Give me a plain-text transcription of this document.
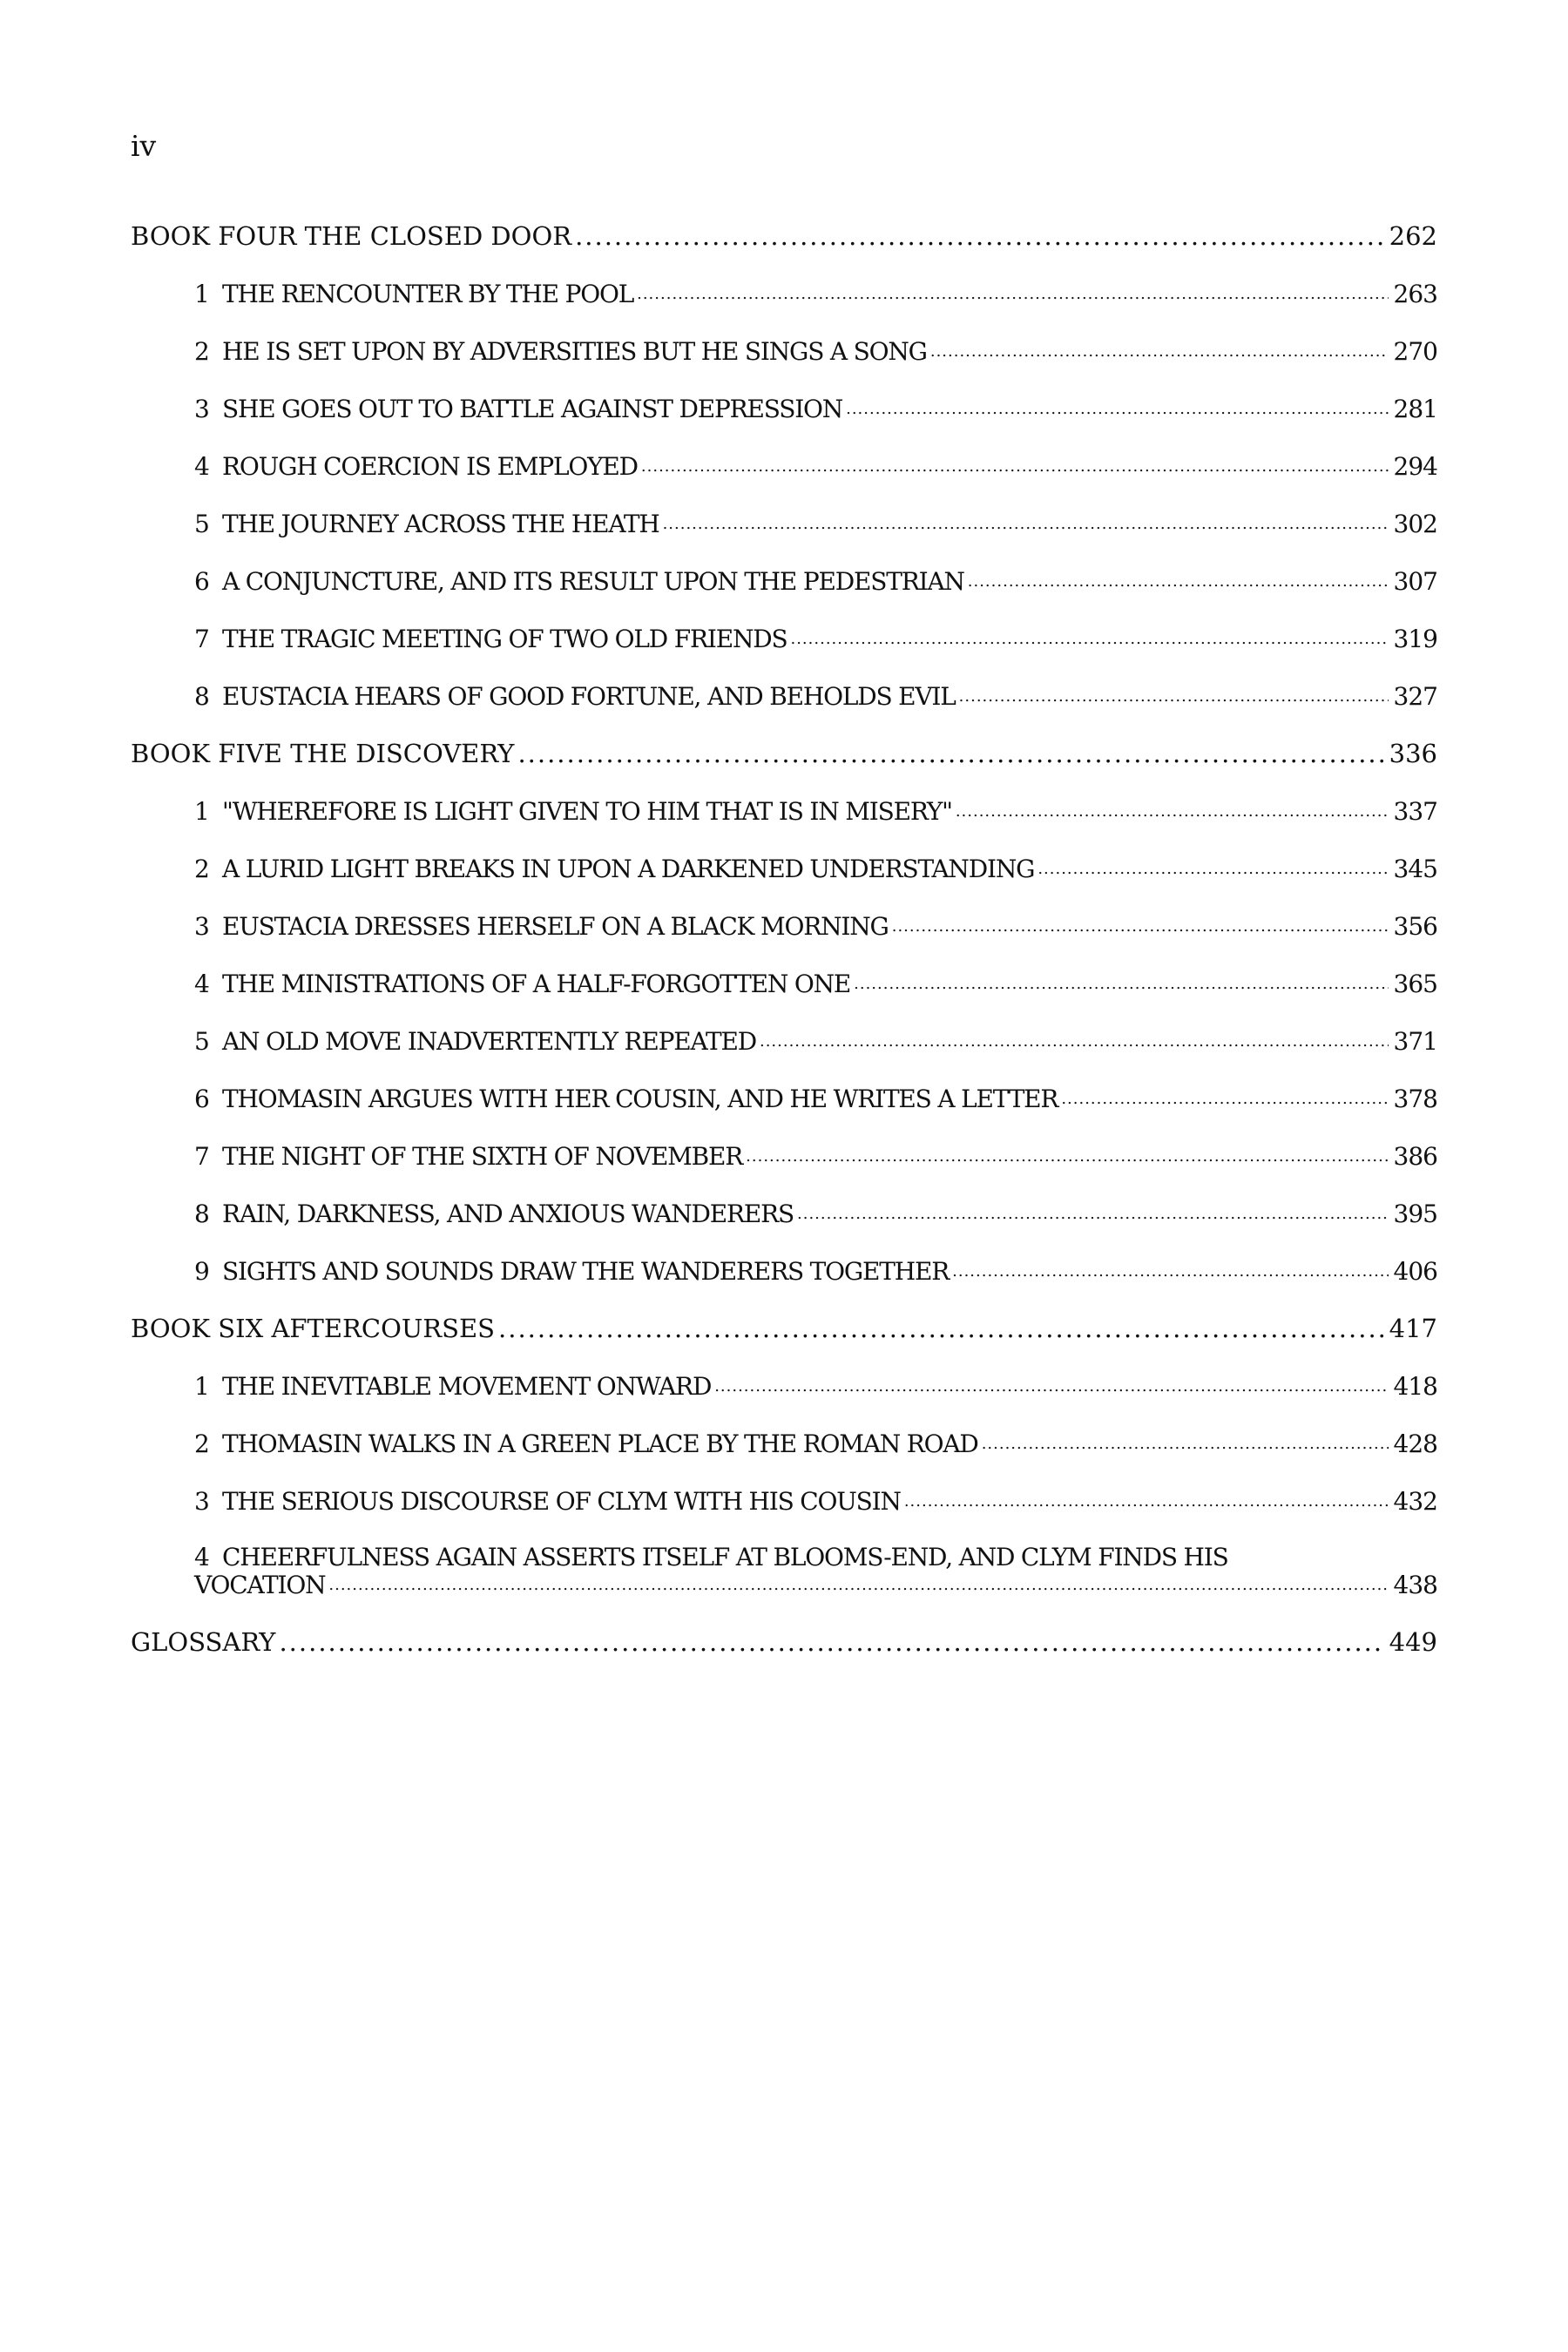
iv
BOOK FOUR THE CLOSED DOOR .....	262
1 THE RENCOUNTER BY THE POOL .....	263
2 HE IS SET UPON BY ADVERSITIES BUT HE SINGS A SONG .....	270
3 SHE GOES OUT TO BATTLE AGAINST DEPRESSION .....	281
4 ROUGH COERCION IS EMPLOYED .....	294
5 THE JOURNEY ACROSS THE HEATH .....	302
6 A CONJUNCTURE, AND ITS RESULT UPON THE PEDESTRIAN .....	307
7 THE TRAGIC MEETING OF TWO OLD FRIENDS .....	319
8 EUSTACIA HEARS OF GOOD FORTUNE, AND BEHOLDS EVIL .....	327
BOOK FIVE THE DISCOVERY .....	336
1 "WHEREFORE IS LIGHT GIVEN TO HIM THAT IS IN MISERY" .....	337
2 A LURID LIGHT BREAKS IN UPON A DARKENED UNDERSTANDING .....	345
3 EUSTACIA DRESSES HERSELF ON A BLACK MORNING .....	356
4 THE MINISTRATIONS OF A HALF-FORGOTTEN ONE .....	365
5 AN OLD MOVE INADVERTENTLY REPEATED .....	371
6 THOMASIN ARGUES WITH HER COUSIN, AND HE WRITES A LETTER .....	378
7 THE NIGHT OF THE SIXTH OF NOVEMBER .....	386
8 RAIN, DARKNESS, AND ANXIOUS WANDERERS .....	395
9 SIGHTS AND SOUNDS DRAW THE WANDERERS TOGETHER .....	406
BOOK SIX AFTERCOURSES .....	417
1 THE INEVITABLE MOVEMENT ONWARD .....	418
2 THOMASIN WALKS IN A GREEN PLACE BY THE ROMAN ROAD .....	428
3 THE SERIOUS DISCOURSE OF CLYM WITH HIS COUSIN .....	432
4 CHEERFULNESS AGAIN ASSERTS ITSELF AT BLOOMS-END, AND CLYM FINDS HIS
VOCATION .....	438
GLOSSARY .....	449
